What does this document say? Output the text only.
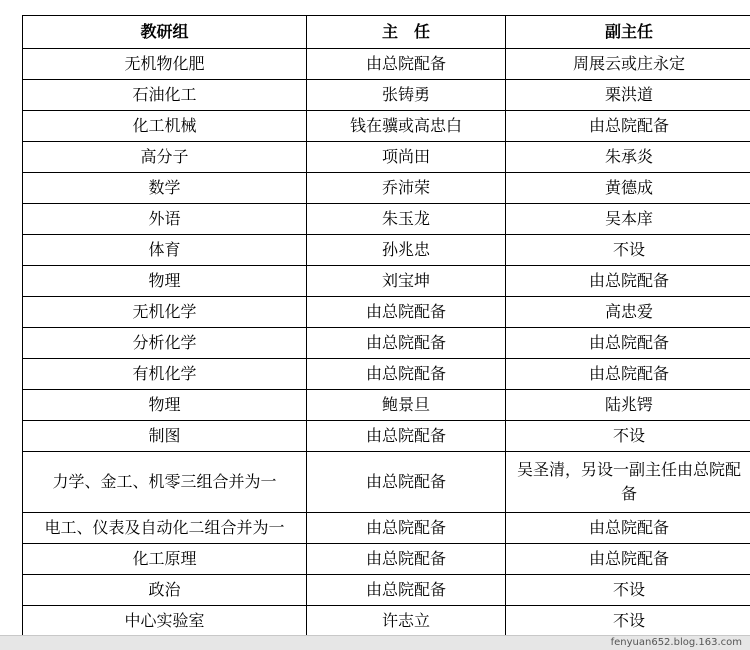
教研组	主　任	副主任
无机物化肥	由总院配备	周展云或庄永定
石油化工	张铸勇	栗洪道
化工机械	钱在骥或高忠白	由总院配备
高分子	项尚田	朱承炎
数学	乔沛荣	黄德成
外语	朱玉龙	吴本庠
体育	孙兆忠	不设
物理	刘宝坤	由总院配备
无机化学	由总院配备	高忠爱
分析化学	由总院配备	由总院配备
有机化学	由总院配备	由总院配备
物理	鲍景旦	陆兆锷
制图	由总院配备	不设
力学、金工、机零三组合并为一	由总院配备	吴圣清，另设一副主任由总院配备
电工、仪表及自动化二组合并为一	由总院配备	由总院配备
化工原理	由总院配备	由总院配备
政治	由总院配备	不设
中心实验室	许志立	不设
fenyuan652.blog.163.com
